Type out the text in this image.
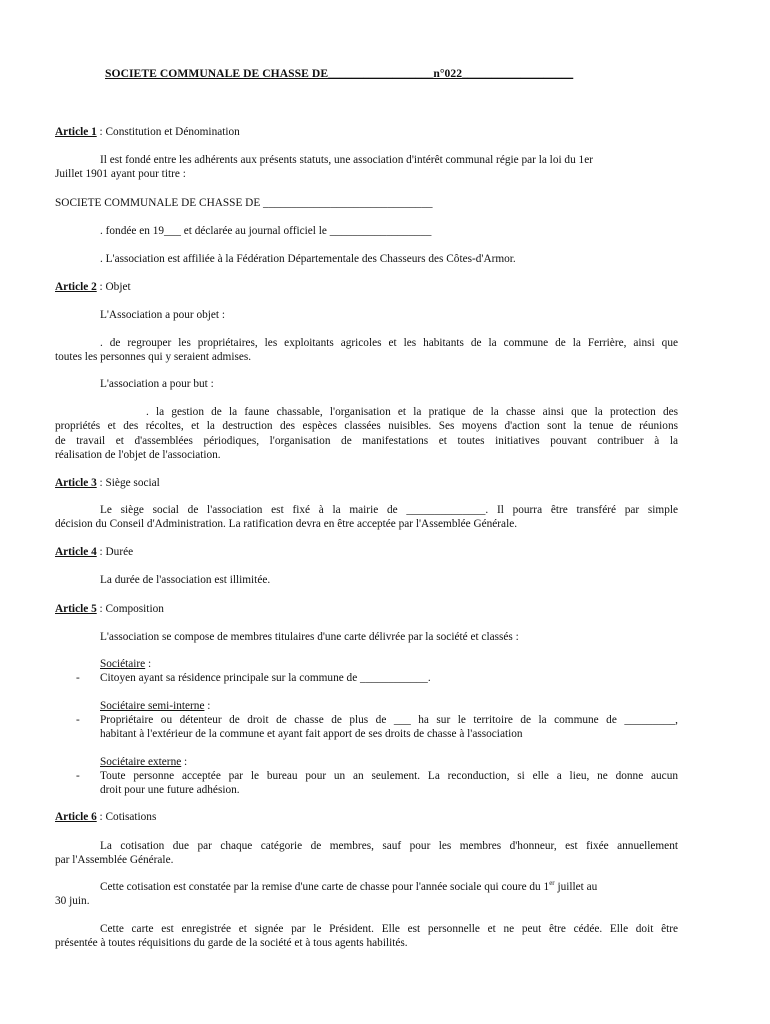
SOCIETE COMMUNALE DE CHASSE DE__________________n°022___________________
Article 1 : Constitution et Dénomination
Il est fondé entre les adhérents aux présents statuts, une association d'intérêt communal régie par la loi du 1er
Juillet 1901 ayant pour titre :
SOCIETE COMMUNALE DE CHASSE DE ______________________________
. fondée en 19___ et déclarée au journal officiel le __________________
. L'association est affiliée à la Fédération Départementale des Chasseurs des Côtes-d'Armor.
Article 2 : Objet
L'Association a pour objet :
. de regrouper les propriétaires, les exploitants agricoles et les habitants de la commune de la Ferrière, ainsi que
toutes les personnes qui y seraient admises.
L'association a pour but :
. la gestion de la faune chassable, l'organisation et la pratique de la chasse ainsi que la protection des
propriétés et des récoltes, et la destruction des espèces classées nuisibles. Ses moyens d'action sont la tenue de réunions
de travail et d'assemblées périodiques, l'organisation de manifestations et toutes initiatives pouvant contribuer à la
réalisation de l'objet de l'association.
Article 3 : Siège social
Le siège social de l'association est fixé à la mairie de ______________. Il pourra être transféré par simple
décision du Conseil d'Administration. La ratification devra en être acceptée par l'Assemblée Générale.
Article 4 : Durée
La durée de l'association est illimitée.
Article 5 : Composition
L'association se compose de membres titulaires d'une carte délivrée par la société et classés :
Sociétaire :
- Citoyen ayant sa résidence principale sur la commune de ____________.
Sociétaire semi-interne :
- Propriétaire ou détenteur de droit de chasse de plus de ___ ha sur le territoire de la commune de _________,
habitant à l'extérieur de la commune et ayant fait apport de ses droits de chasse à l'association
Sociétaire externe :
- Toute personne acceptée par le bureau pour un an seulement. La reconduction, si elle a lieu, ne donne aucun
droit pour une future adhésion.
Article 6 : Cotisations
La cotisation due par chaque catégorie de membres, sauf pour les membres d'honneur, est fixée annuellement
par l'Assemblée Générale.
Cette cotisation est constatée par la remise d'une carte de chasse pour l'année sociale qui coure du 1er juillet au
30 juin.
Cette carte est enregistrée et signée par le Président. Elle est personnelle et ne peut être cédée. Elle doit être
présentée à toutes réquisitions du garde de la société et à tous agents habilités.
